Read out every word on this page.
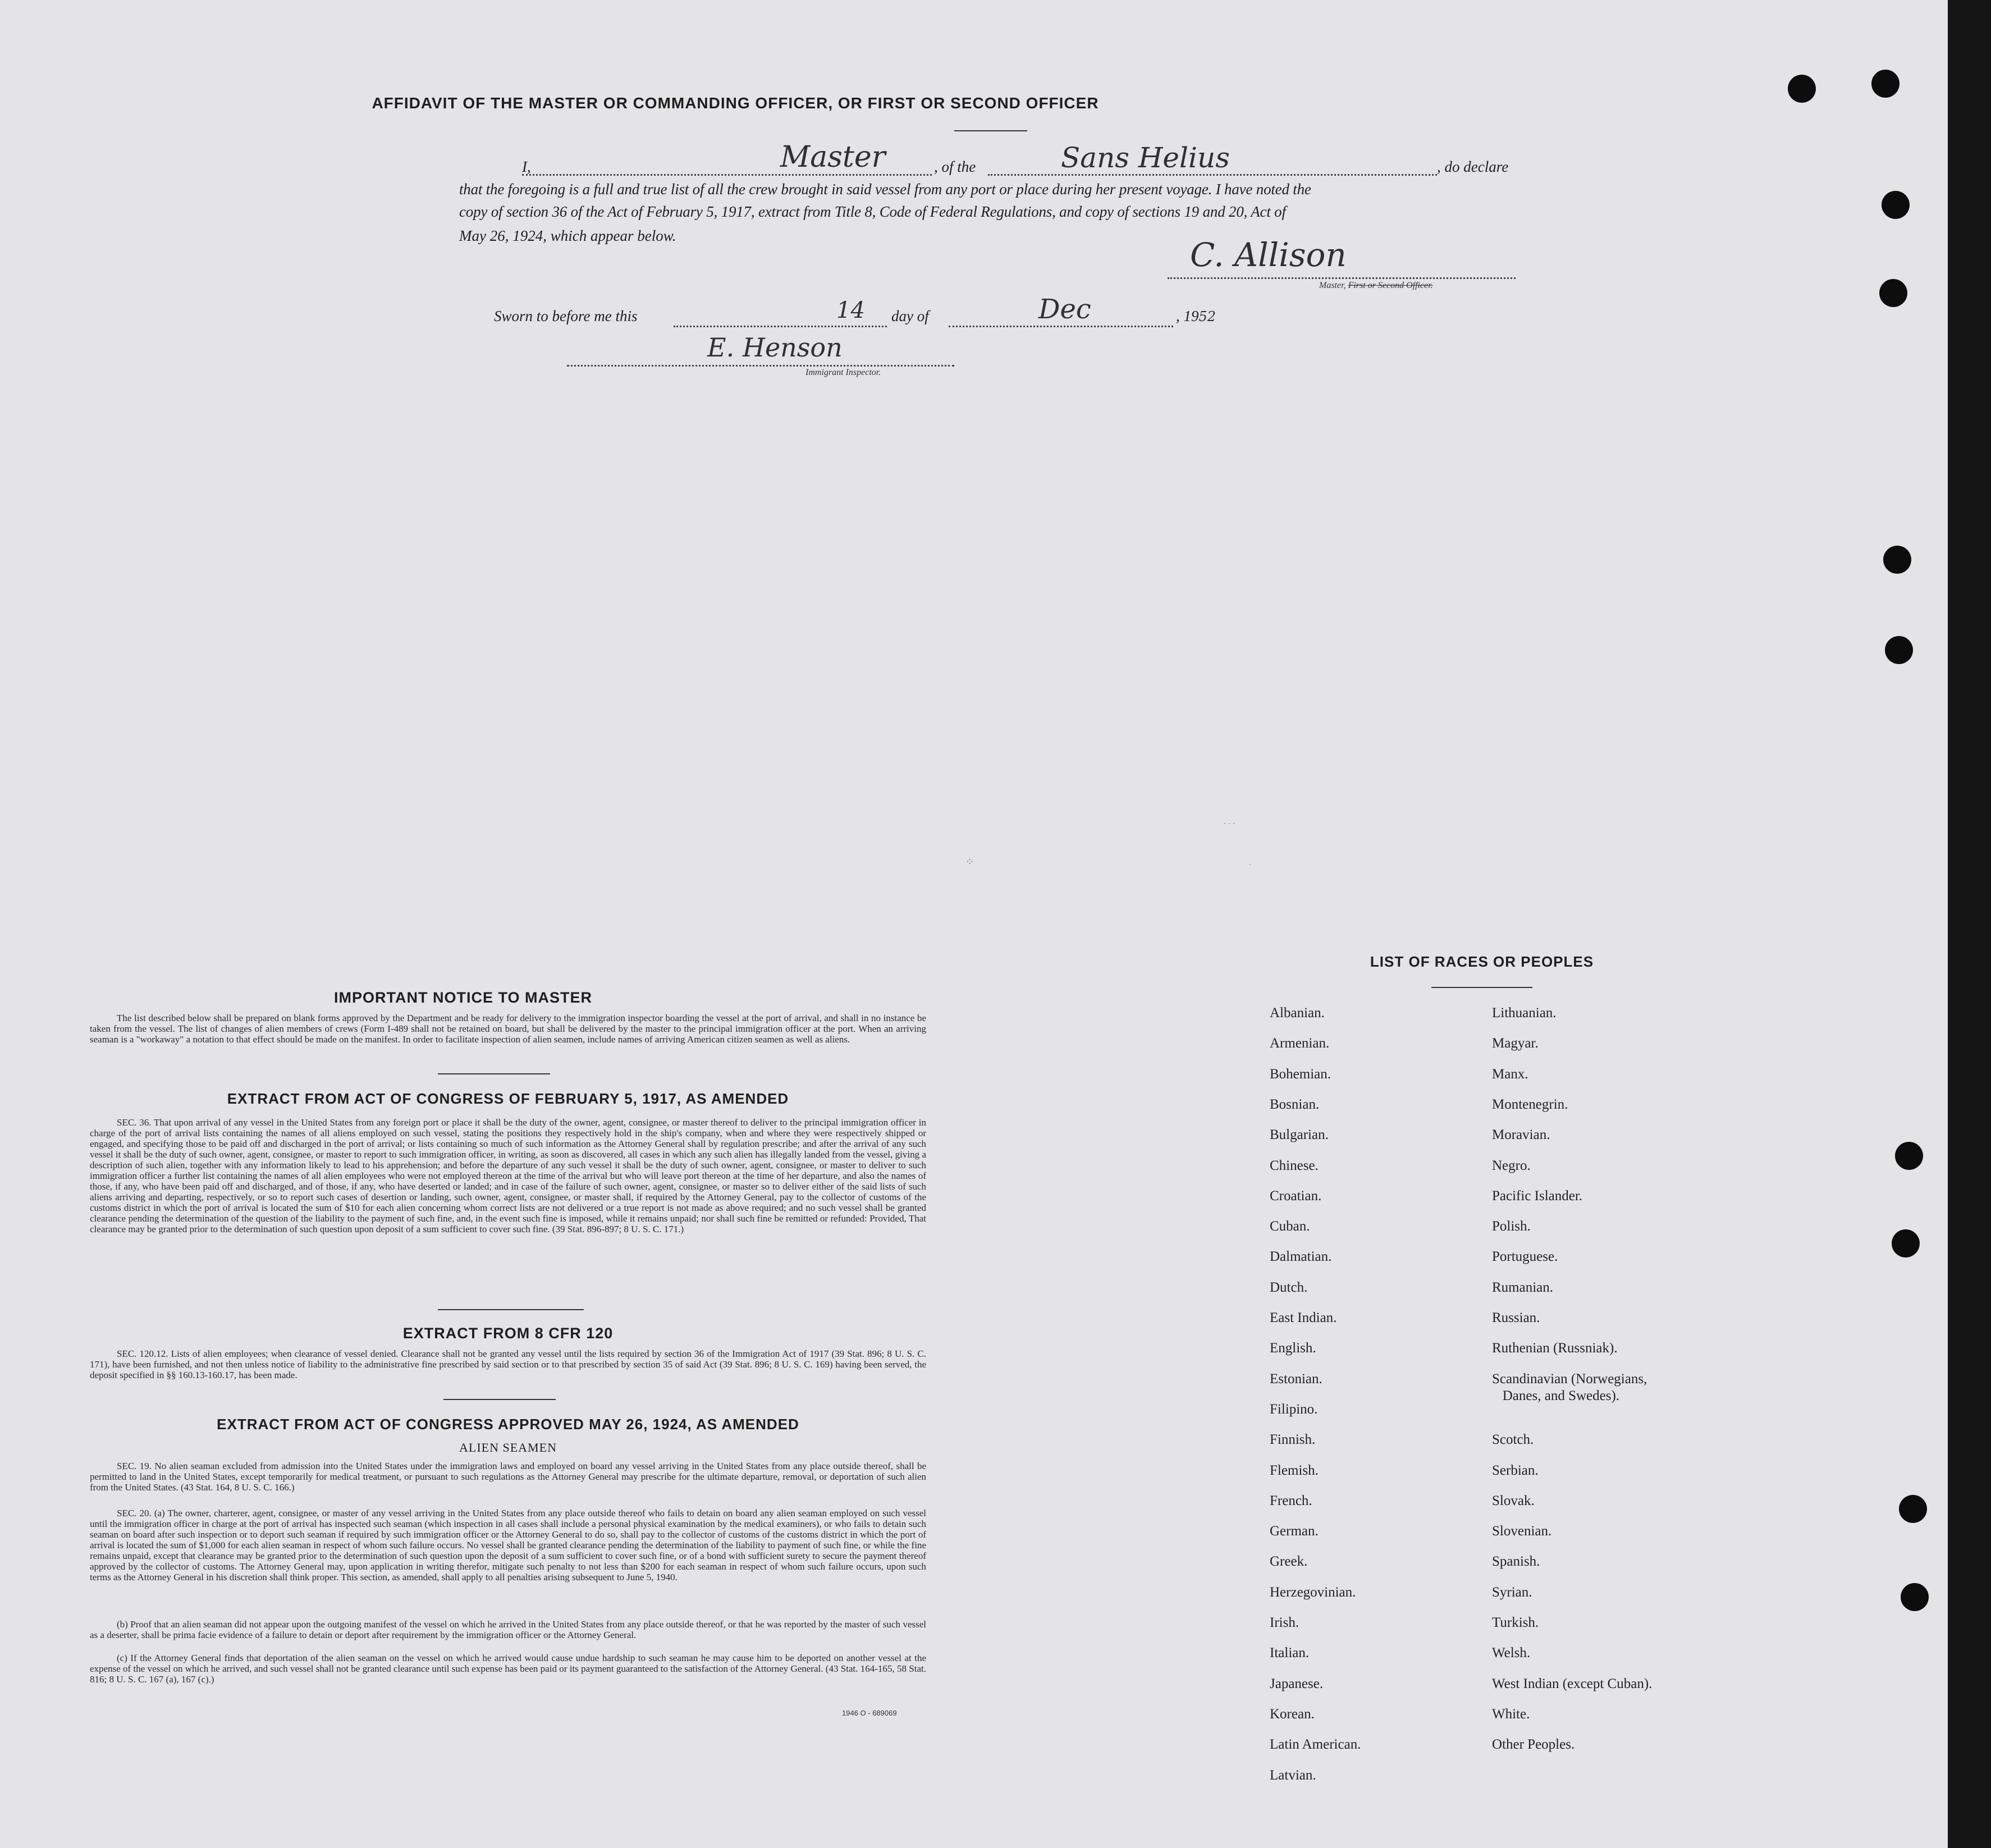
AFFIDAVIT OF THE MASTER OR COMMANDING OFFICER, OR FIRST OR SECOND OFFICER
I,	Master	, of the	Sans Helius	, do declare
that the foregoing is a full and true list of all the crew brought in said vessel from any port or place during her present voyage. I have noted the
copy of section 36 of the Act of February 5, 1917, extract from Title 8, Code of Federal Regulations, and copy of sections 19 and 20, Act of
May 26, 1924, which appear below.	C. Allison
Master, First or Second Officer.
Sworn to before me this	14 day of	Dec	, 1952
E. Henson
Immigrant Inspector.
IMPORTANT NOTICE TO MASTER
The list described below shall be prepared on blank forms approved by the Department and be ready for delivery to the immigration inspector boarding the vessel at the port of arrival, and shall in no instance be taken from the vessel. The list of changes of alien members of crews (Form I-489 shall not be retained on board, but shall be delivered by the master to the principal immigration officer at the port. When an arriving seaman is a "workaway" a notation to that effect should be made on the manifest. In order to facilitate inspection of alien seamen, include names of arriving American citizen seamen as well as aliens.
EXTRACT FROM ACT OF CONGRESS OF FEBRUARY 5, 1917, AS AMENDED
SEC. 36. That upon arrival of any vessel in the United States from any foreign port or place it shall be the duty of the owner, agent, consignee, or master thereof to deliver to the principal immigration officer in charge of the port of arrival lists containing the names of all aliens employed on such vessel, stating the positions they respectively hold in the ship's company, when and where they were respectively shipped or engaged, and specifying those to be paid off and discharged in the port of arrival; or lists containing so much of such information as the Attorney General shall by regulation prescribe; and after the arrival of any such vessel it shall be the duty of such owner, agent, consignee, or master to report to such immigration officer, in writing, as soon as discovered, all cases in which any such alien has illegally landed from the vessel, giving a description of such alien, together with any information likely to lead to his apprehension; and before the departure of any such vessel it shall be the duty of such owner, agent, consignee, or master to deliver to such immigration officer a further list containing the names of all alien employees who were not employed thereon at the time of the arrival but who will leave port thereon at the time of her departure, and also the names of those, if any, who have been paid off and discharged, and of those, if any, who have deserted or landed; and in case of the failure of such owner, agent, consignee, or master so to deliver either of the said lists of such aliens arriving and departing, respectively, or so to report such cases of desertion or landing, such owner, agent, consignee, or master shall, if required by the Attorney General, pay to the collector of customs of the customs district in which the port of arrival is located the sum of $10 for each alien concerning whom correct lists are not delivered or a true report is not made as above required; and no such vessel shall be granted clearance pending the determination of the question of the liability to the payment of such fine, and, in the event such fine is imposed, while it remains unpaid; nor shall such fine be remitted or refunded: Provided, That clearance may be granted prior to the determination of such question upon deposit of a sum sufficient to cover such fine. (39 Stat. 896-897; 8 U. S. C. 171.)
EXTRACT FROM 8 CFR 120
SEC. 120.12. Lists of alien employees; when clearance of vessel denied. Clearance shall not be granted any vessel until the lists required by section 36 of the Immigration Act of 1917 (39 Stat. 896; 8 U. S. C. 171), have been furnished, and not then unless notice of liability to the administrative fine prescribed by said section or to that prescribed by section 35 of said Act (39 Stat. 896; 8 U. S. C. 169) having been served, the deposit specified in §§ 160.13-160.17, has been made.
EXTRACT FROM ACT OF CONGRESS APPROVED MAY 26, 1924, AS AMENDED
ALIEN SEAMEN
SEC. 19. No alien seaman excluded from admission into the United States under the immigration laws and employed on board any vessel arriving in the United States from any place outside thereof, shall be permitted to land in the United States, except temporarily for medical treatment, or pursuant to such regulations as the Attorney General may prescribe for the ultimate departure, removal, or deportation of such alien from the United States. (43 Stat. 164, 8 U. S. C. 166.)
SEC. 20. (a) The owner, charterer, agent, consignee, or master of any vessel arriving in the United States from any place outside thereof who fails to detain on board any alien seaman employed on such vessel until the immigration officer in charge at the port of arrival has inspected such seaman (which inspection in all cases shall include a personal physical examination by the medical examiners), or who fails to detain such seaman on board after such inspection or to deport such seaman if required by such immigration officer or the Attorney General to do so, shall pay to the collector of customs of the customs district in which the port of arrival is located the sum of $1,000 for each alien seaman in respect of whom such failure occurs. No vessel shall be granted clearance pending the determination of the liability to payment of such fine, or while the fine remains unpaid, except that clearance may be granted prior to the determination of such question upon the deposit of a sum sufficient to cover such fine, or of a bond with sufficient surety to secure the payment thereof approved by the collector of customs. The Attorney General may, upon application in writing therefor, mitigate such penalty to not less than $200 for each seaman in respect of whom such failure occurs, upon such terms as the Attorney General in his discretion shall think proper. This section, as amended, shall apply to all penalties arising subsequent to June 5, 1940.
(b) Proof that an alien seaman did not appear upon the outgoing manifest of the vessel on which he arrived in the United States from any place outside thereof, or that he was reported by the master of such vessel as a deserter, shall be prima facie evidence of a failure to detain or deport after requirement by the immigration officer or the Attorney General.
(c) If the Attorney General finds that deportation of the alien seaman on the vessel on which he arrived would cause undue hardship to such seaman he may cause him to be deported on another vessel at the expense of the vessel on which he arrived, and such vessel shall not be granted clearance until such expense has been paid or its payment guaranteed to the satisfaction of the Attorney General. (43 Stat. 164-165, 58 Stat. 816; 8 U. S. C. 167 (a), 167 (c).)
1946 O - 689069
LIST OF RACES OR PEOPLES
Albanian.
Armenian.
Bohemian.
Bosnian.
Bulgarian.
Chinese.
Croatian.
Cuban.
Dalmatian.
Dutch.
East Indian.
English.
Estonian.
Filipino.
Finnish.
Flemish.
French.
German.
Greek.
Herzegovinian.
Irish.
Italian.
Japanese.
Korean.
Latin American.
Latvian.
Lithuanian.
Magyar.
Manx.
Montenegrin.
Moravian.
Negro.
Pacific Islander.
Polish.
Portuguese.
Rumanian.
Russian.
Ruthenian (Russniak).
Scandinavian (Norwegians,
Danes, and Swedes).
Scotch.
Serbian.
Slovak.
Slovenian.
Spanish.
Syrian.
Turkish.
Welsh.
West Indian (except Cuban).
White.
Other Peoples.
⁘
. . .
.
